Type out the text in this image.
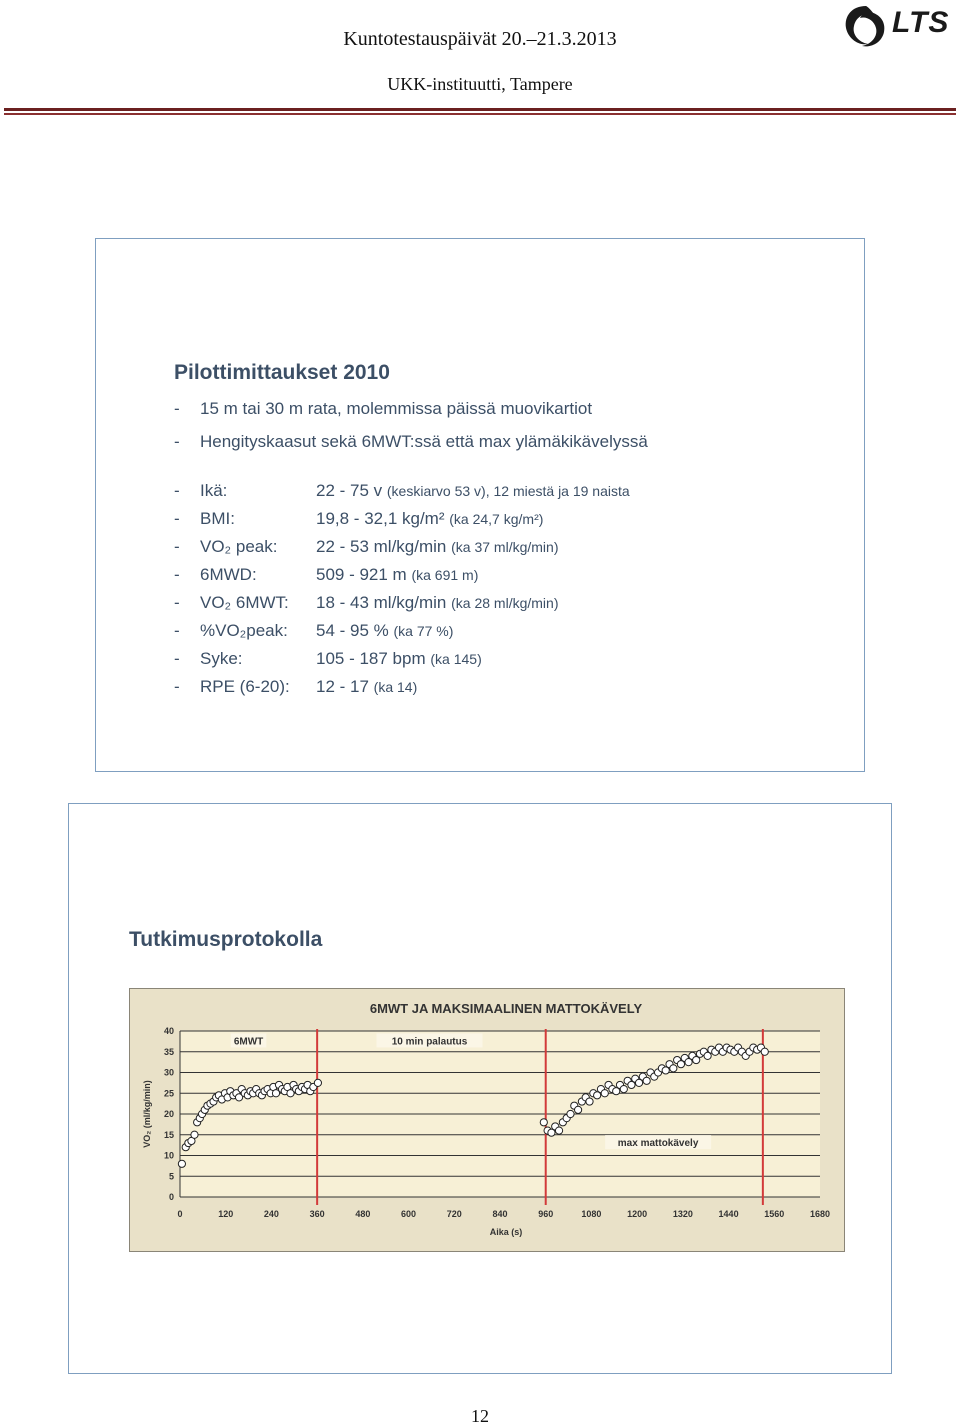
Kuntotestauspäivät 20.–21.3.2013
UKK-instituutti, Tampere
LTS
Pilottimittaukset 2010
- 15 m tai 30 m rata, molemmissa päissä muovikartiot
- Hengityskaasut sekä 6MWT:ssä että max ylämäkikävelyssä
- Ikä:	22 - 75 v (keskiarvo 53 v), 12 miestä ja 19 naista
- BMI:	19,8 - 32,1 kg/m² (ka 24,7 kg/m²)
- VO₂ peak: 22 - 53 ml/kg/min (ka 37 ml/kg/min)
- 6MWD:	509 - 921 m (ka 691 m)
- VO₂ 6MWT: 18 - 43 ml/kg/min (ka 28 ml/kg/min)
- %VO₂peak: 54 - 95 % (ka 77 %)
- Syke:	105 - 187 bpm (ka 145)
- RPE (6-20): 12 - 17 (ka 14)
Tutkimusprotokolla
0
5
10
15
20
25
30
35
40
0	120	240	360	480	600	720	840	960	1080	1200	1320	1440	1560	1680
6MWT JA MAKSIMAALINEN MATTOKÄVELY
Aika (s)
VO₂ (ml/kg/min)
6MWT	10 min palautus
max mattokävely
12
